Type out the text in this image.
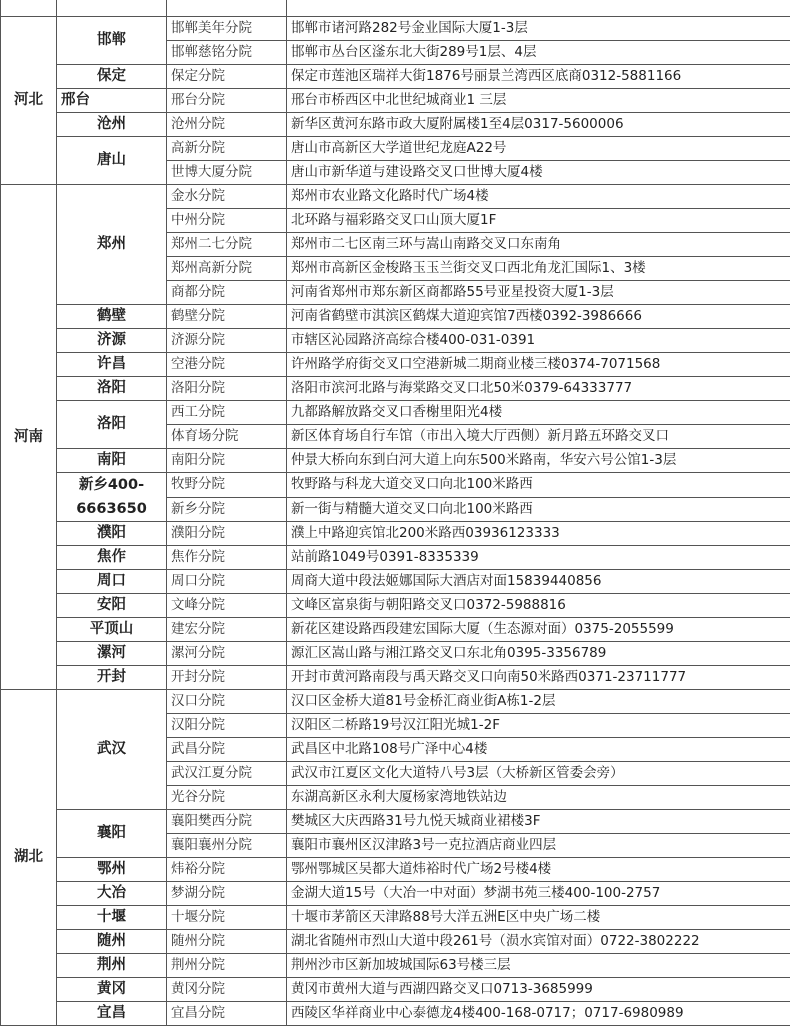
河北	邯郸	邯郸美年分院	邯郸市诸河路282号金业国际大厦1-3层
		邯郸慈铭分院	邯郸市丛台区滏东北大街289号1层、4层
	保定	保定分院	保定市莲池区瑞祥大街1876号丽景兰湾西区底商0312-5881166
	邢台	邢台分院	邢台市桥西区中北世纪城商业1 三层
	沧州	沧州分院	新华区黄河东路市政大厦附属楼1至4层0317-5600006
	唐山	高新分院	唐山市高新区大学道世纪龙庭A22号
		世博大厦分院	唐山市新华道与建设路交叉口世博大厦4楼
河南	郑州	金水分院	郑州市农业路文化路时代广场4楼
		中州分院	北环路与福彩路交叉口山顶大厦1F
		郑州二七分院	郑州市二七区南三环与嵩山南路交叉口东南角
		郑州高新分院	郑州市高新区金梭路玉玉兰街交叉口西北角龙汇国际1、3楼
		商都分院	河南省郑州市郑东新区商都路55号亚星投资大厦1-3层
	鹤壁	鹤壁分院	河南省鹤壁市淇滨区鹤煤大道迎宾馆7西楼0392-3986666
	济源	济源分院	市辖区沁园路济高综合楼400-031-0391
	许昌	空港分院	许州路学府街交叉口空港新城二期商业楼三楼0374-7071568
	洛阳	洛阳分院	洛阳市滨河北路与海棠路交叉口北50米0379-64333777
	洛阳	西工分院	九都路解放路交叉口香榭里阳光4楼
		体育场分院	新区体育场自行车馆（市出入境大厅西侧）新月路五环路交叉口
	南阳	南阳分院	仲景大桥向东到白河大道上向东500米路南，华安六号公馆1-3层
	新乡400-6663650	牧野分院	牧野路与科龙大道交叉口向北100米路西
		新乡分院	新一街与精髓大道交叉口向北100米路西
	濮阳	濮阳分院	濮上中路迎宾馆北200米路西03936123333
	焦作	焦作分院	站前路1049号0391-8335339
	周口	周口分院	周商大道中段法姬娜国际大酒店对面15839440856
	安阳	文峰分院	文峰区富泉街与朝阳路交叉口0372-5988816
	平顶山	建宏分院	新花区建设路西段建宏国际大厦（生态源对面）0375-2055599
	漯河	漯河分院	源汇区嵩山路与湘江路交叉口东北角0395-3356789
	开封	开封分院	开封市黄河路南段与禹天路交叉口向南50米路西0371-23711777
湖北	武汉	汉口分院	汉口区金桥大道81号金桥汇商业街A栋1-2层
		汉阳分院	汉阳区二桥路19号汉江阳光城1-2F
		武昌分院	武昌区中北路108号广泽中心4楼
		武汉江夏分院	武汉市江夏区文化大道特八号3层（大桥新区管委会旁）
		光谷分院	东湖高新区永利大厦杨家湾地铁站边
	襄阳	襄阳樊西分院	樊城区大庆西路31号九悦天城商业裙楼3F
		襄阳襄州分院	襄阳市襄州区汉津路3号一克拉酒店商业四层
	鄂州	炜裕分院	鄂州鄂城区吴都大道炜裕时代广场2号楼4楼
	大冶	梦湖分院	金湖大道15号（大冶一中对面）梦湖书苑三楼400-100-2757
	十堰	十堰分院	十堰市茅箭区天津路88号大洋五洲E区中央广场二楼
	随州	随州分院	湖北省随州市烈山大道中段261号（涢水宾馆对面）0722-3802222
	荆州	荆州分院	荆州沙市区新加坡城国际63号楼三层
	黄冈	黄冈分院	黄冈市黄州大道与西湖四路交叉口0713-3685999
	宜昌	宜昌分院	西陵区华祥商业中心泰德龙4楼400-168-0717；0717-6980989
